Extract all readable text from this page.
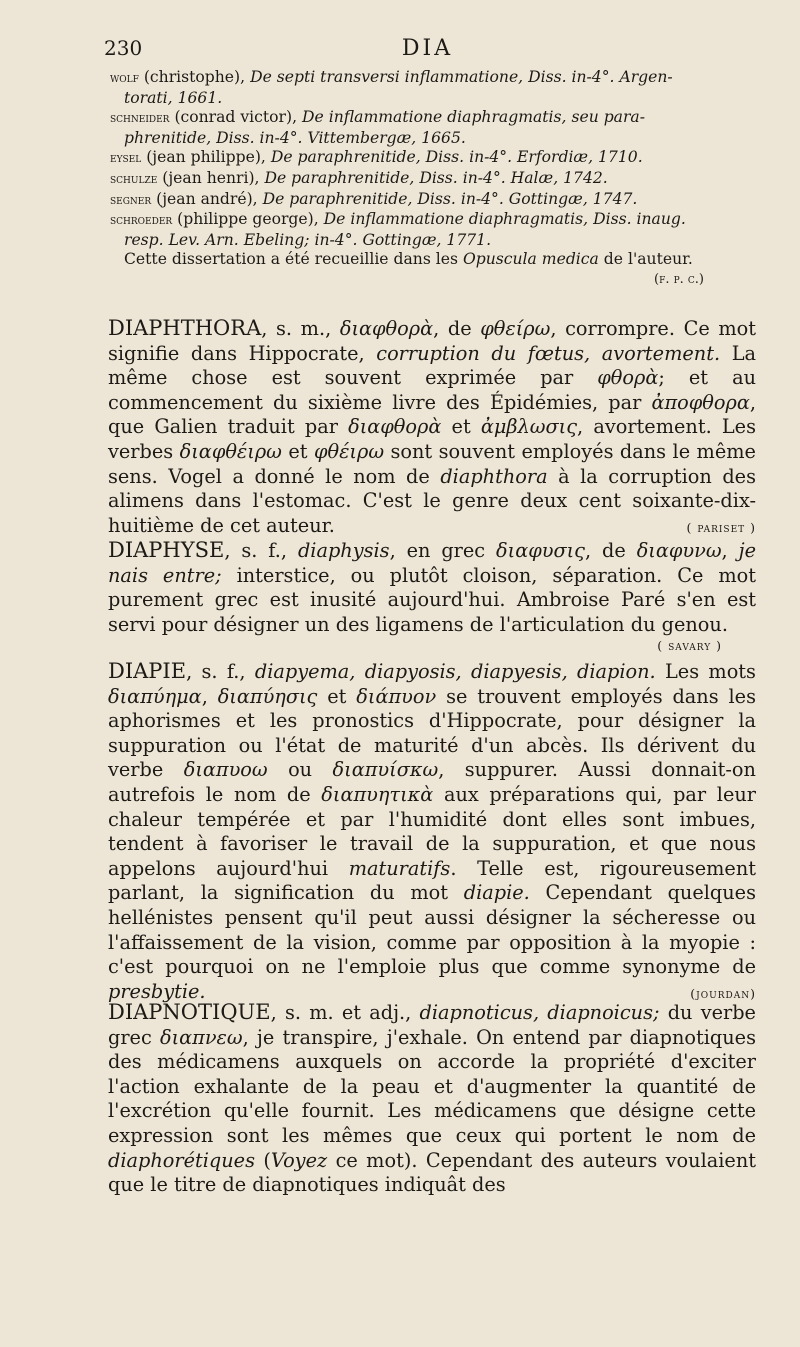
230	DIA

wolf (christophe), De septi transversi inflammatione, Diss. in-4°. Argen-
torati, 1661.

schneider (conrad victor), De inflammatione diaphragmatis, seu para-
phrenitide, Diss. in-4°. Vittembergæ, 1665.

eysel (jean philippe), De paraphrenitide, Diss. in-4°. Erfordiæ, 1710.

schulze (jean henri), De paraphrenitide, Diss. in-4°. Halæ, 1742.

segner (jean andré), De paraphrenitide, Diss. in-4°. Gottingæ, 1747.

schroeder (philippe george), De inflammatione diaphragmatis, Diss. inaug.
resp. Lev. Arn. Ebeling; in-4°. Gottingæ, 1771.

Cette dissertation a été recueillie dans les Opuscula medica de l'auteur.
(f. p. c.)
DIAPHTHORA, s. m., διαφθορὰ, de φθείρω, corrompre. Ce mot signifie dans Hippocrate, corruption du fœtus, avortement. La même chose est souvent exprimée par φθορὰ; et au commencement du sixième livre des Épidémies, par ἀποφθορα, que Galien traduit par διαφθορὰ et ἀμβλωσις, avortement. Les verbes διαφθέιρω et φθέιρω sont souvent employés dans le même sens. Vogel a donné le nom de diaphthora à la corruption des alimens dans l'estomac. C'est le genre deux cent soixante-dix-huitième de cet auteur.	( pariset )
DIAPHYSE, s. f., diaphysis, en grec διαφυσις, de διαφυνω, je nais entre; interstice, ou plutôt cloison, séparation. Ce mot purement grec est inusité aujourd'hui. Ambroise Paré s'en est servi pour désigner un des ligamens de l'articulation du genou.
( savary )
DIAPIE, s. f., diapyema, diapyosis, diapyesis, diapion. Les mots διαπύημα, διαπύησις et διάπυον se trouvent employés dans les aphorismes et les pronostics d'Hippocrate, pour désigner la suppuration ou l'état de maturité d'un abcès. Ils dérivent du verbe διαπυοω ou διαπυίσκω, suppurer. Aussi donnait-on autrefois le nom de διαπυητικὰ aux préparations qui, par leur chaleur tempérée et par l'humidité dont elles sont imbues, tendent à favoriser le travail de la suppuration, et que nous appelons aujourd'hui maturatifs. Telle est, rigoureusement parlant, la signification du mot diapie. Cependant quelques hellénistes pensent qu'il peut aussi désigner la sécheresse ou l'affaissement de la vision, comme par opposition à la myopie : c'est pourquoi on ne l'emploie plus que comme synonyme de presbytie.	(jourdan)
DIAPNOTIQUE, s. m. et adj., diapnoticus, diapnoicus; du verbe grec διαπνεω, je transpire, j'exhale. On entend par diapnotiques des médicamens auxquels on accorde la propriété d'exciter l'action exhalante de la peau et d'augmenter la quantité de l'excrétion qu'elle fournit. Les médicamens que désigne cette expression sont les mêmes que ceux qui portent le nom de diaphorétiques (Voyez ce mot). Cependant des auteurs voulaient que le titre de diapnotiques indiquât des
